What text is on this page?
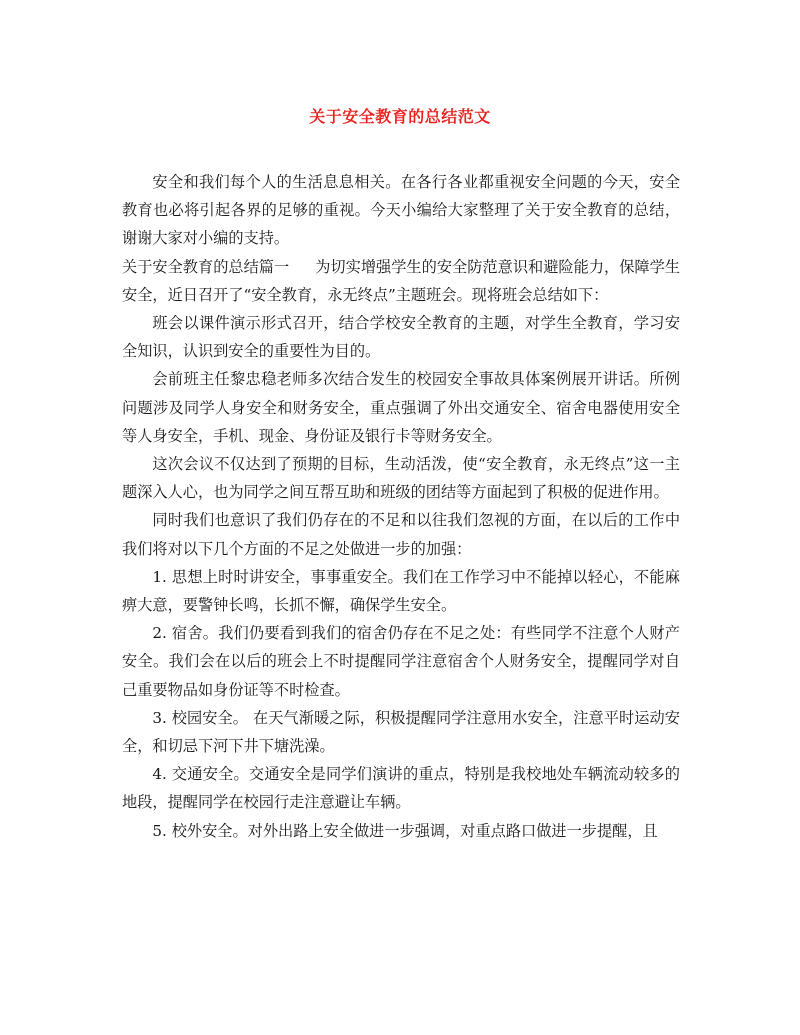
关于安全教育的总结范文

安全和我们每个人的生活息息相关。在各行各业都重视安全问题的今天，安全教育也必将引起各界的足够的重视。今天小编给大家整理了关于安全教育的总结，谢谢大家对小编的支持。

关于安全教育的总结篇一 为切实增强学生的安全防范意识和避险能力，保障学生安全，近日召开了“安全教育，永无终点”主题班会。现将班会总结如下：

班会以课件演示形式召开，结合学校安全教育的主题，对学生全教育，学习安全知识，认识到安全的重要性为目的。

会前班主任黎忠稳老师多次结合发生的校园安全事故具体案例展开讲话。所例问题涉及同学人身安全和财务安全，重点强调了外出交通安全、宿舍电器使用安全等人身安全，手机、现金、身份证及银行卡等财务安全。

这次会议不仅达到了预期的目标，生动活泼，使“安全教育，永无终点”这一主题深入人心，也为同学之间互帮互助和班级的团结等方面起到了积极的促进作用。

同时我们也意识了我们仍存在的不足和以往我们忽视的方面，在以后的工作中我们将对以下几个方面的不足之处做进一步的加强：

1. 思想上时时讲安全，事事重安全。我们在工作学习中不能掉以轻心，不能麻痹大意，要警钟长鸣，长抓不懈，确保学生安全。

2. 宿舍。我们仍要看到我们的宿舍仍存在不足之处：有些同学不注意个人财产安全。我们会在以后的班会上不时提醒同学注意宿舍个人财务安全，提醒同学对自己重要物品如身份证等不时检查。

3. 校园安全。 在天气渐暖之际，积极提醒同学注意用水安全，注意平时运动安全，和切忌下河下井下塘洗澡。

4. 交通安全。交通安全是同学们演讲的重点，特别是我校地处车辆流动较多的地段，提醒同学在校园行走注意避让车辆。

5. 校外安全。对外出路上安全做进一步强调，对重点路口做进一步提醒，且
